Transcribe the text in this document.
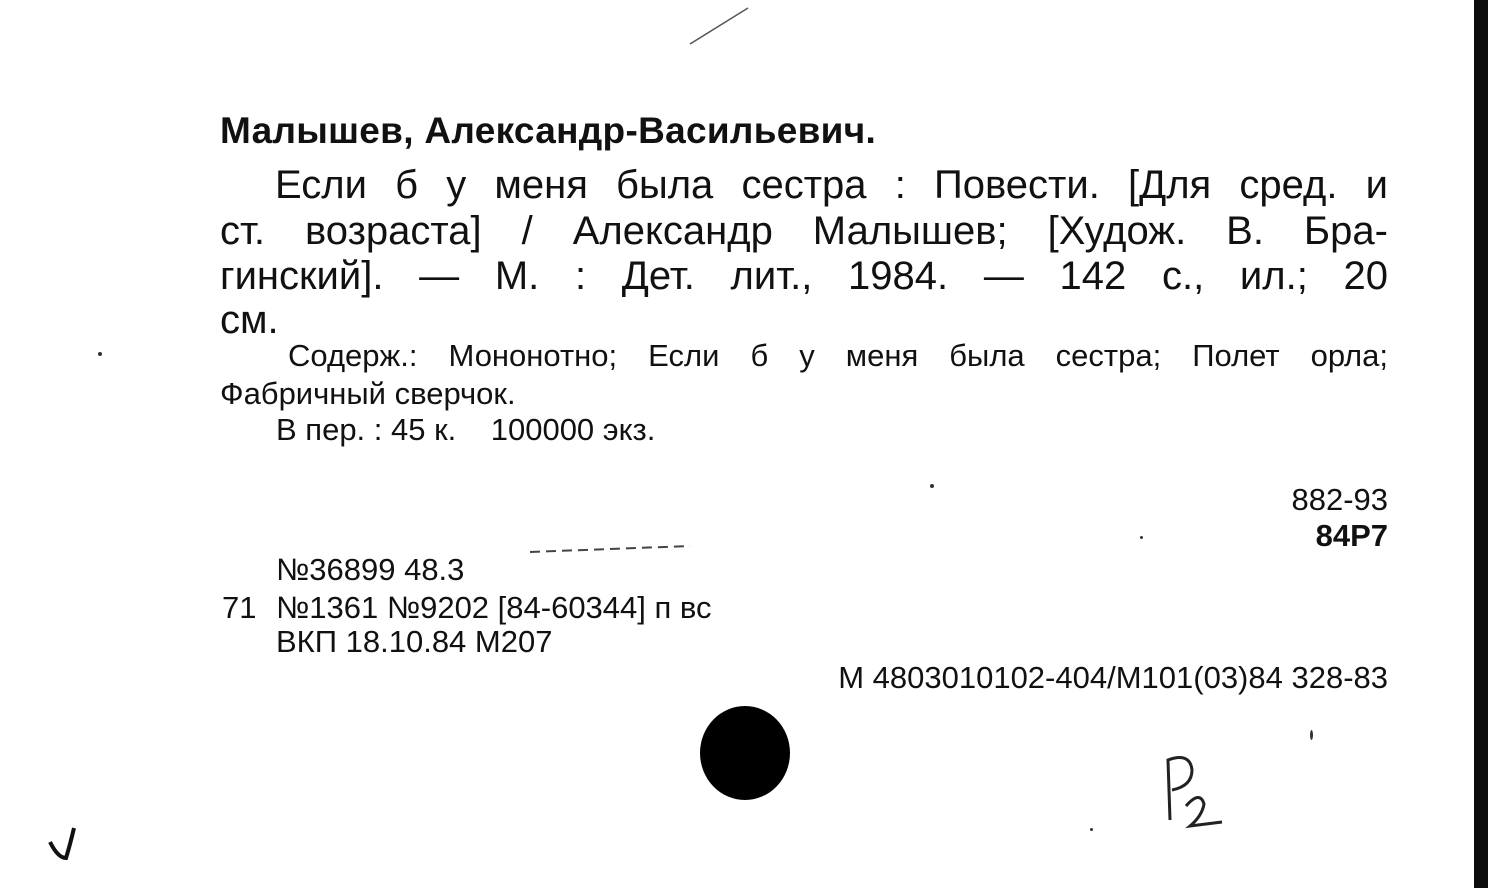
Малышев, Александр-Васильевич.
Если б у меня была сестра : Повести. [Для сред. и
ст. возраста] / Александр Малышев; [Худож. В. Бра-
гинский]. — М. : Дет. лит., 1984. — 142 с., ил.; 20
см.
Содерж.: Мононотно; Если б у меня была сестра; Полет орла;
Фабричный сверчок.
В пер. : 45 к.    100000 экз.
882-93
84Р7
№36899 48.3
71 №1361 №9202 [84-60344] п вс
ВКП 18.10.84 М207
М 4803010102-404/М101(03)84 328-83
